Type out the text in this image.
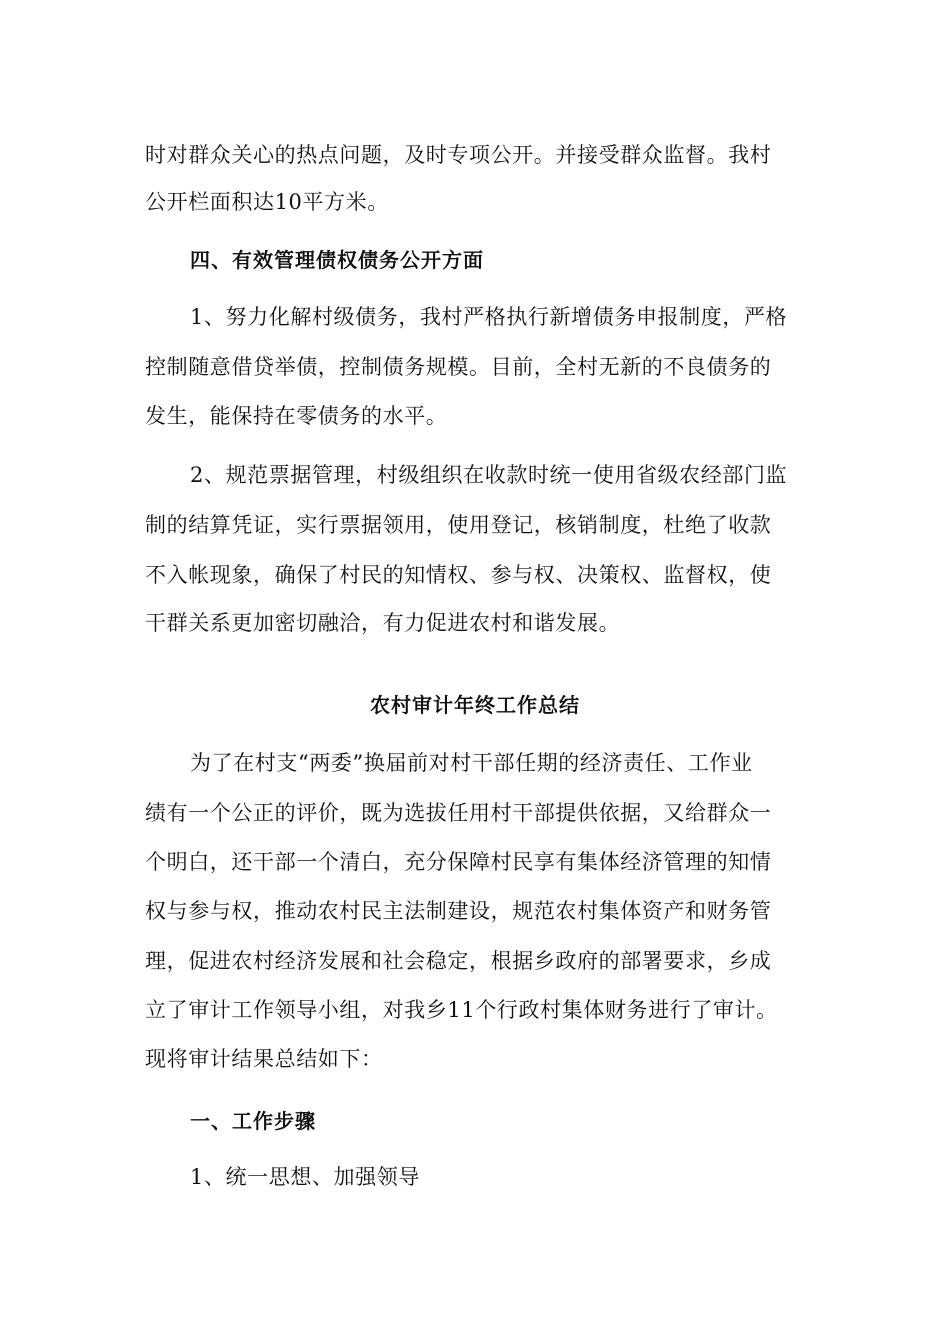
时对群众关心的热点问题，及时专项公开。并接受群众监督。我村
公开栏面积达10平方米。
四、有效管理债权债务公开方面
1、努力化解村级债务，我村严格执行新增债务申报制度，严格
控制随意借贷举债，控制债务规模。目前，全村无新的不良债务的
发生，能保持在零债务的水平。
2、规范票据管理，村级组织在收款时统一使用省级农经部门监
制的结算凭证，实行票据领用，使用登记，核销制度，杜绝了收款
不入帐现象，确保了村民的知情权、参与权、决策权、监督权，使
干群关系更加密切融洽，有力促进农村和谐发展。
农村审计年终工作总结
为了在村支“两委”换届前对村干部任期的经济责任、工作业
绩有一个公正的评价，既为选拔任用村干部提供依据，又给群众一
个明白，还干部一个清白，充分保障村民享有集体经济管理的知情
权与参与权，推动农村民主法制建设，规范农村集体资产和财务管
理，促进农村经济发展和社会稳定，根据乡政府的部署要求，乡成
立了审计工作领导小组，对我乡11个行政村集体财务进行了审计。
现将审计结果总结如下：
一、工作步骤
1、统一思想、加强领导
